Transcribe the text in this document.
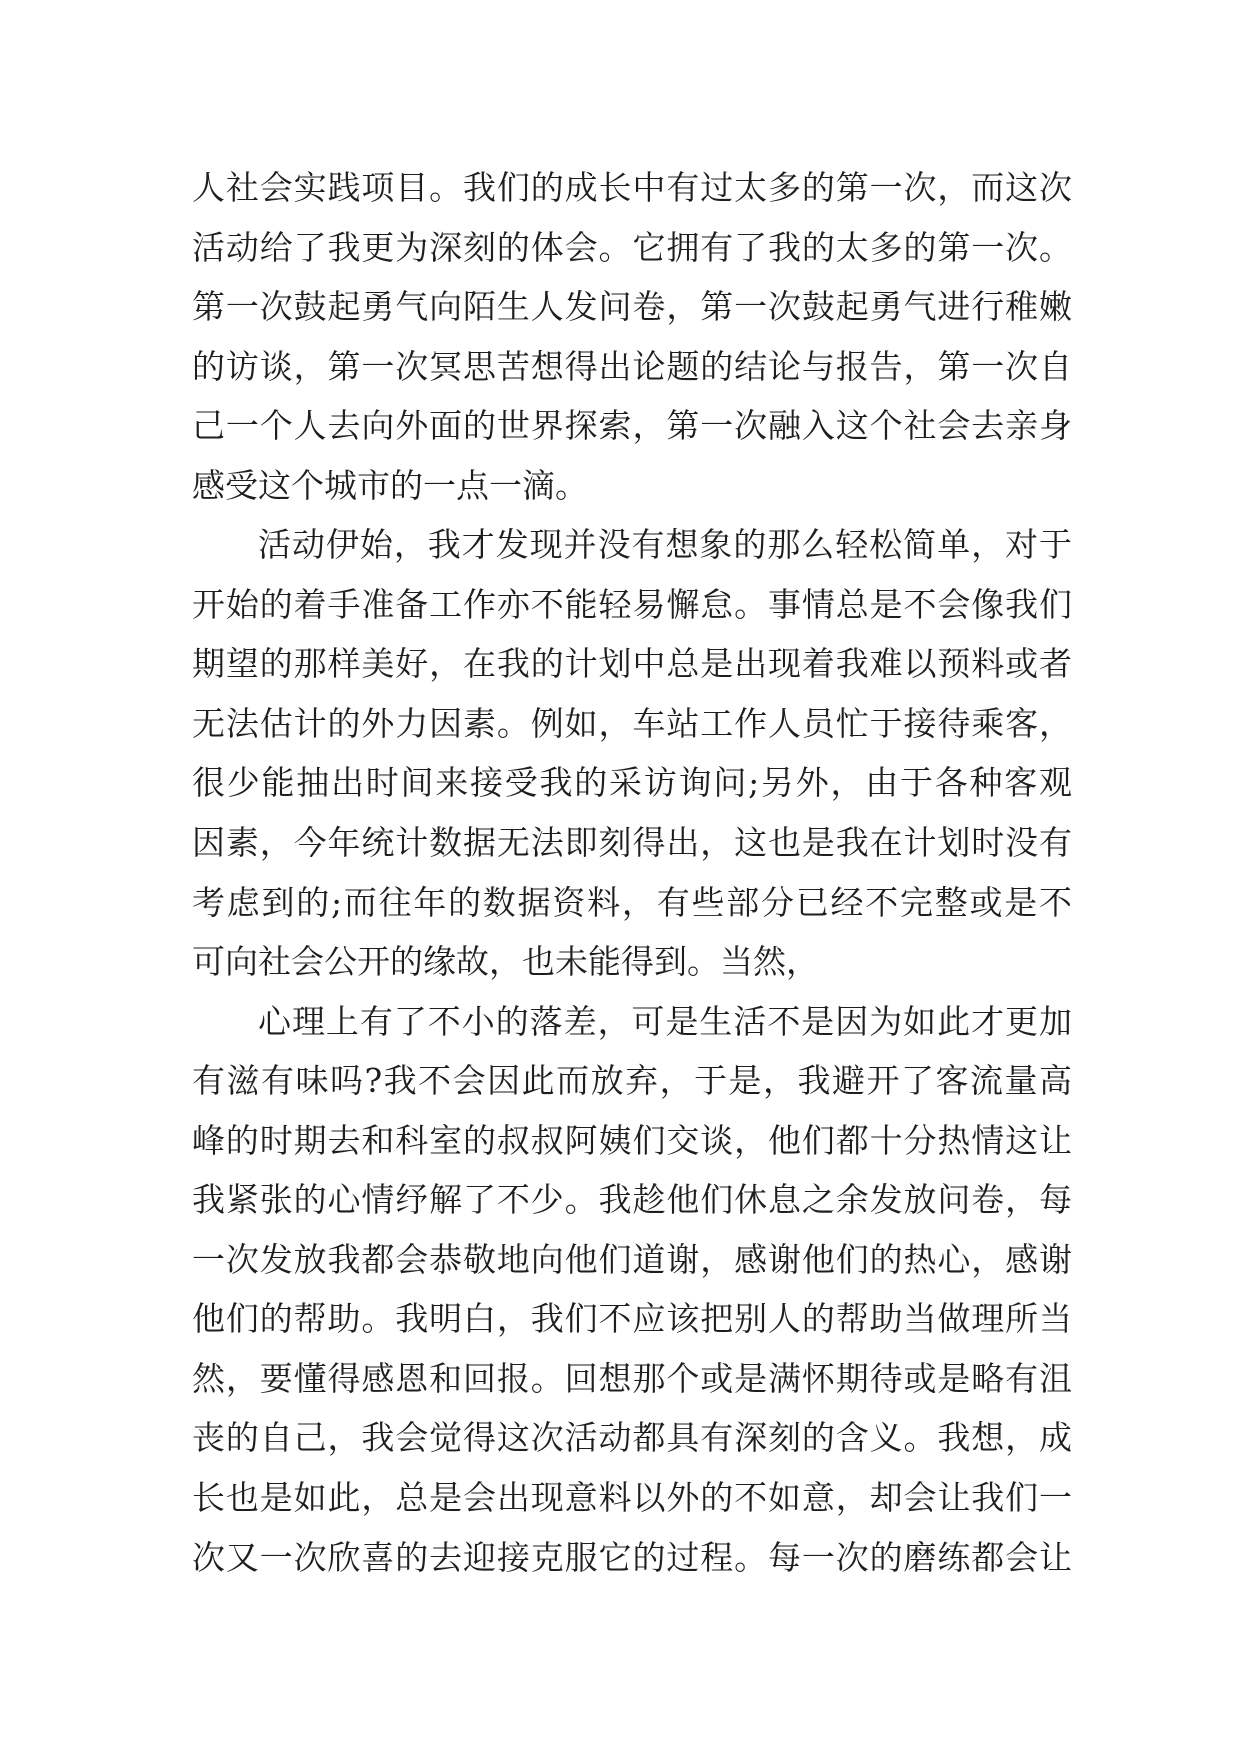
人社会实践项目。我们的成长中有过太多的第一次，而这次
活动给了我更为深刻的体会。它拥有了我的太多的第一次。
第一次鼓起勇气向陌生人发问卷，第一次鼓起勇气进行稚嫩
的访谈，第一次冥思苦想得出论题的结论与报告，第一次自
己一个人去向外面的世界探索，第一次融入这个社会去亲身
感受这个城市的一点一滴。
活动伊始，我才发现并没有想象的那么轻松简单，对于
开始的着手准备工作亦不能轻易懈怠。事情总是不会像我们
期望的那样美好，在我的计划中总是出现着我难以预料或者
无法估计的外力因素。例如，车站工作人员忙于接待乘客，
很少能抽出时间来接受我的采访询问;另外，由于各种客观
因素，今年统计数据无法即刻得出，这也是我在计划时没有
考虑到的;而往年的数据资料，有些部分已经不完整或是不
可向社会公开的缘故，也未能得到。当然，
心理上有了不小的落差，可是生活不是因为如此才更加
有滋有味吗?我不会因此而放弃，于是，我避开了客流量高
峰的时期去和科室的叔叔阿姨们交谈，他们都十分热情这让
我紧张的心情纾解了不少。我趁他们休息之余发放问卷，每
一次发放我都会恭敬地向他们道谢，感谢他们的热心，感谢
他们的帮助。我明白，我们不应该把别人的帮助当做理所当
然，要懂得感恩和回报。回想那个或是满怀期待或是略有沮
丧的自己，我会觉得这次活动都具有深刻的含义。我想，成
长也是如此，总是会出现意料以外的不如意，却会让我们一
次又一次欣喜的去迎接克服它的过程。每一次的磨练都会让
